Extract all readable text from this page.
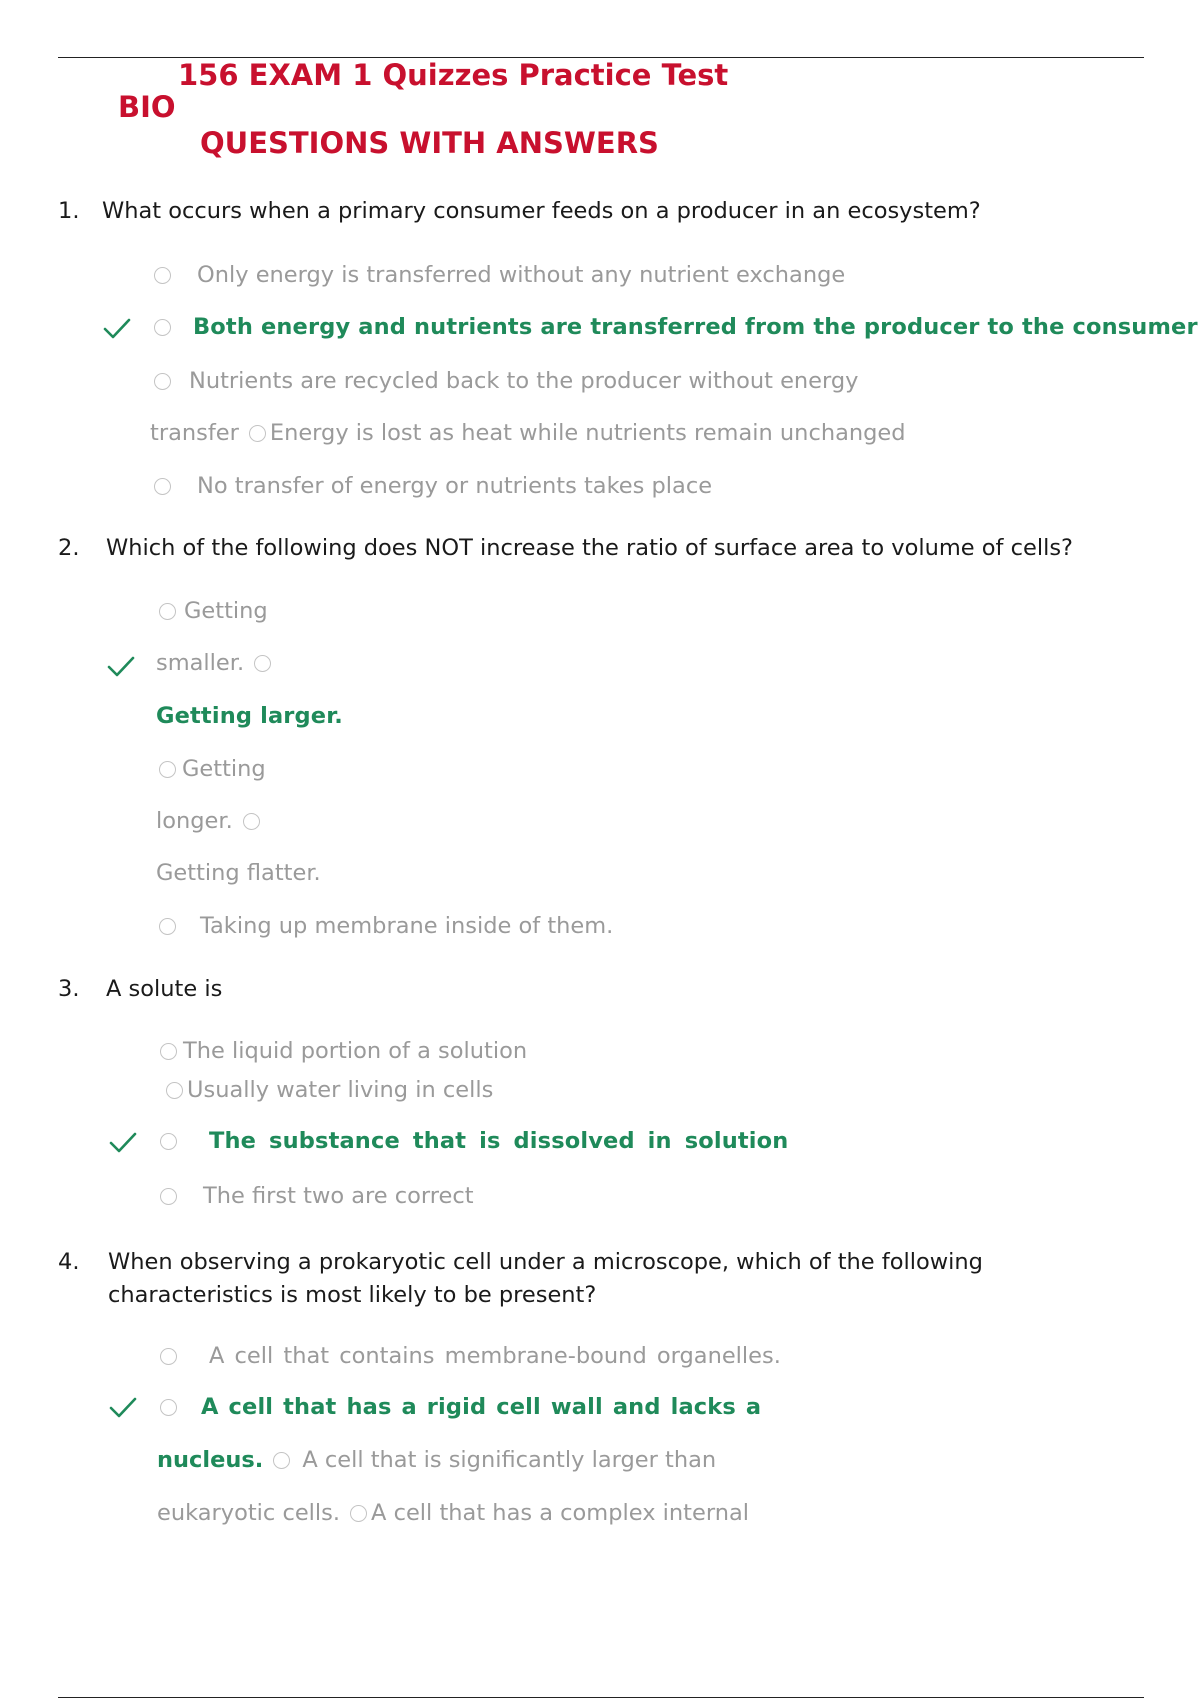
156 EXAM 1 Quizzes Practice Test
BIO
QUESTIONS WITH ANSWERS
1. What occurs when a primary consumer feeds on a producer in an ecosystem?
Only energy is transferred without any nutrient exchange
Both energy and nutrients are transferred from the producer to the consumer
Nutrients are recycled back to the producer without energy
transfer Energy is lost as heat while nutrients remain unchanged
No transfer of energy or nutrients takes place
2. Which of the following does NOT increase the ratio of surface area to volume of cells?
Getting
smaller.
Getting larger.
Getting
longer.
Getting flatter.
Taking up membrane inside of them.
3. A solute is
The liquid portion of a solution
Usually water living in cells
The substance that is dissolved in solution
The first two are correct
4. When observing a prokaryotic cell under a microscope, which of the following
characteristics is most likely to be present?
A cell that contains membrane-bound organelles.
A cell that has a rigid cell wall and lacks a
nucleus. A cell that is significantly larger than
eukaryotic cells. A cell that has a complex internal
